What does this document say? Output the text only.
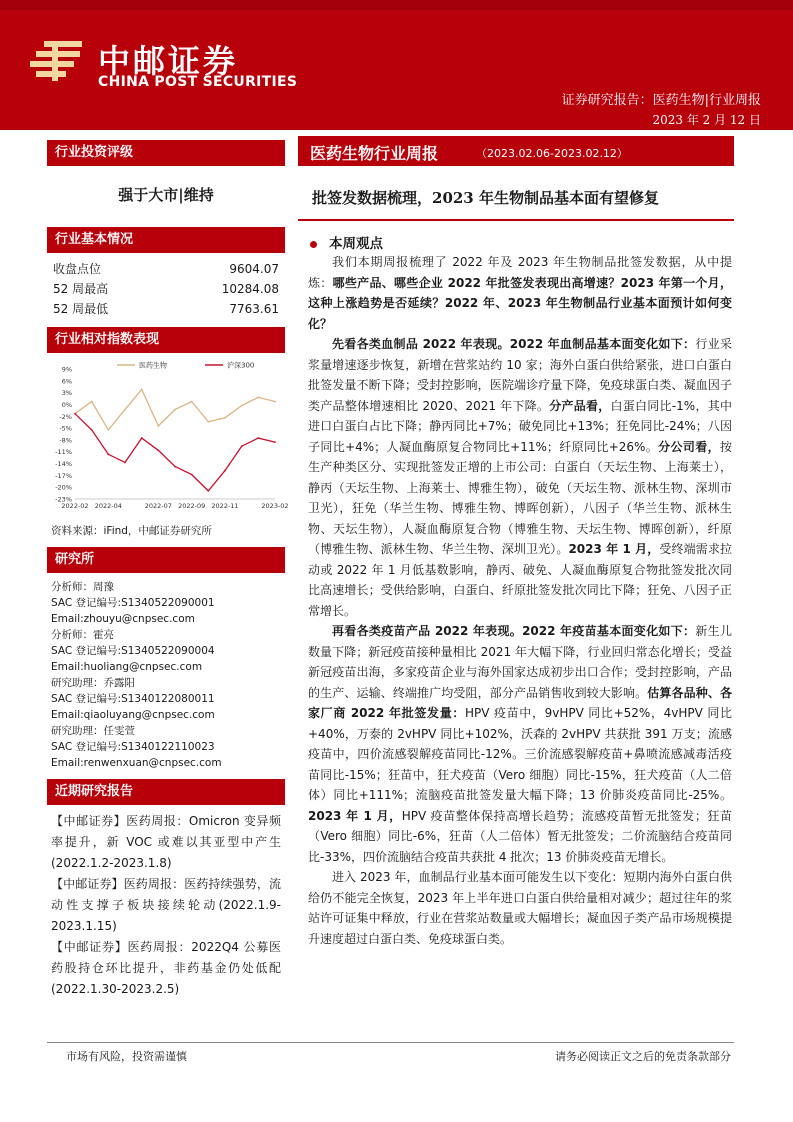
中邮证券
CHINA POST SECURITIES
证券研究报告：医药生物|行业周报
2023 年 2 月 12 日
行业投资评级
强于大市|维持
行业基本情况
收盘点位	9604.07
52 周最高	10284.08
52 周最低	7763.61
行业相对指数表现
9%
6%
3%
0%
-2%
-5%
-8%
-11%
-14%
-17%
-20%
-23%
2022-02 2022-04	2022-07 2022-09 2022-11	2023-02
医药生物	沪深300
资料来源：iFind，中邮证券研究所
研究所
分析师：周豫
SAC 登记编号:S1340522090001
Email:zhouyu@cnpsec.com
分析师：霍亮
SAC 登记编号:S1340522090004
Email:huoliang@cnpsec.com
研究助理：乔露阳
SAC 登记编号:S1340122080011
Email:qiaoluyang@cnpsec.com
研究助理：任雯萱
SAC 登记编号:S1340122110023
Email:renwenxuan@cnpsec.com
近期研究报告
【中邮证券】医药周报：Omicron 变异频率提升，新 VOC 或难以其亚型中产生(2022.1.2-2023.1.8)
【中邮证券】医药周报：医药持续强势，流动性支撑子板块接续轮动(2022.1.9-2023.1.15)
【中邮证券】医药周报：2022Q4 公募医药股持仓环比提升，非药基金仍处低配(2022.1.30-2023.2.5)
医药生物行业周报	（2023.02.06-2023.02.12）
批签发数据梳理，2023 年生物制品基本面有望修复
本周观点

我们本期周报梳理了 2022 年及 2023 年生物制品批签发数据，从中提炼：哪些产品、哪些企业 2022 年批签发表现出高增速？2023 年第一个月，这种上涨趋势是否延续？2022 年、2023 年生物制品行业基本面预计如何变化？

先看各类血制品 2022 年表现。2022 年血制品基本面变化如下：行业采浆量增速逐步恢复，新增在营浆站约 10 家；海外白蛋白供给紧张，进口白蛋白批签发量不断下降；受封控影响，医院端诊疗量下降，免疫球蛋白类、凝血因子类产品整体增速相比 2020、2021 年下降。分产品看，白蛋白同比-1%，其中进口白蛋白占比下降；静丙同比+7%；破免同比+13%；狂免同比-24%；八因子同比+4%；人凝血酶原复合物同比+11%；纤原同比+26%。分公司看，按生产种类区分、实现批签发正增的上市公司：白蛋白（天坛生物、上海莱士），静丙（天坛生物、上海莱士、博雅生物），破免（天坛生物、派林生物、深圳市卫光），狂免（华兰生物、博雅生物、博晖创新），八因子（华兰生物、派林生物、天坛生物），人凝血酶原复合物（博雅生物、天坛生物、博晖创新），纤原（博雅生物、派林生物、华兰生物、深圳卫光）。2023 年 1 月，受终端需求拉动或 2022 年 1 月低基数影响，静丙、破免、人凝血酶原复合物批签发批次同比高速增长；受供给影响，白蛋白、纤原批签发批次同比下降；狂免、八因子正常增长。

再看各类疫苗产品 2022 年表现。2022 年疫苗基本面变化如下：新生儿数量下降；新冠疫苗接种量相比 2021 年大幅下降，行业回归常态化增长；受益新冠疫苗出海，多家疫苗企业与海外国家达成初步出口合作；受封控影响，产品的生产、运输、终端推广均受阻，部分产品销售收到较大影响。估算各品种、各家厂商 2022 年批签发量：HPV 疫苗中，9vHPV 同比+52%，4vHPV 同比+40%，万泰的 2vHPV 同比+102%，沃森的 2vHPV 共获批 391 万支；流感疫苗中，四价流感裂解疫苗同比-12%。三价流感裂解疫苗+鼻喷流感减毒活疫苗同比-15%；狂苗中，狂犬疫苗（Vero 细胞）同比-15%，狂犬疫苗（人二倍体）同比+111%；流脑疫苗批签发量大幅下降；13 价肺炎疫苗同比-25%。2023 年 1 月，HPV 疫苗整体保持高增长趋势；流感疫苗暂无批签发；狂苗（Vero 细胞）同比-6%，狂苗（人二倍体）暂无批签发；二价流脑结合疫苗同比-33%，四价流脑结合疫苗共获批 4 批次；13 价肺炎疫苗无增长。

进入 2023 年，血制品行业基本面可能发生以下变化：短期内海外白蛋白供给仍不能完全恢复，2023 年上半年进口白蛋白供给量相对减少；超过往年的浆站许可证集中释放，行业在营浆站数量或大幅增长；凝血因子类产品市场规模提升速度超过白蛋白类、免疫球蛋白类。

市场有风险，投资需谨慎	请务必阅读正文之后的免责条款部分
